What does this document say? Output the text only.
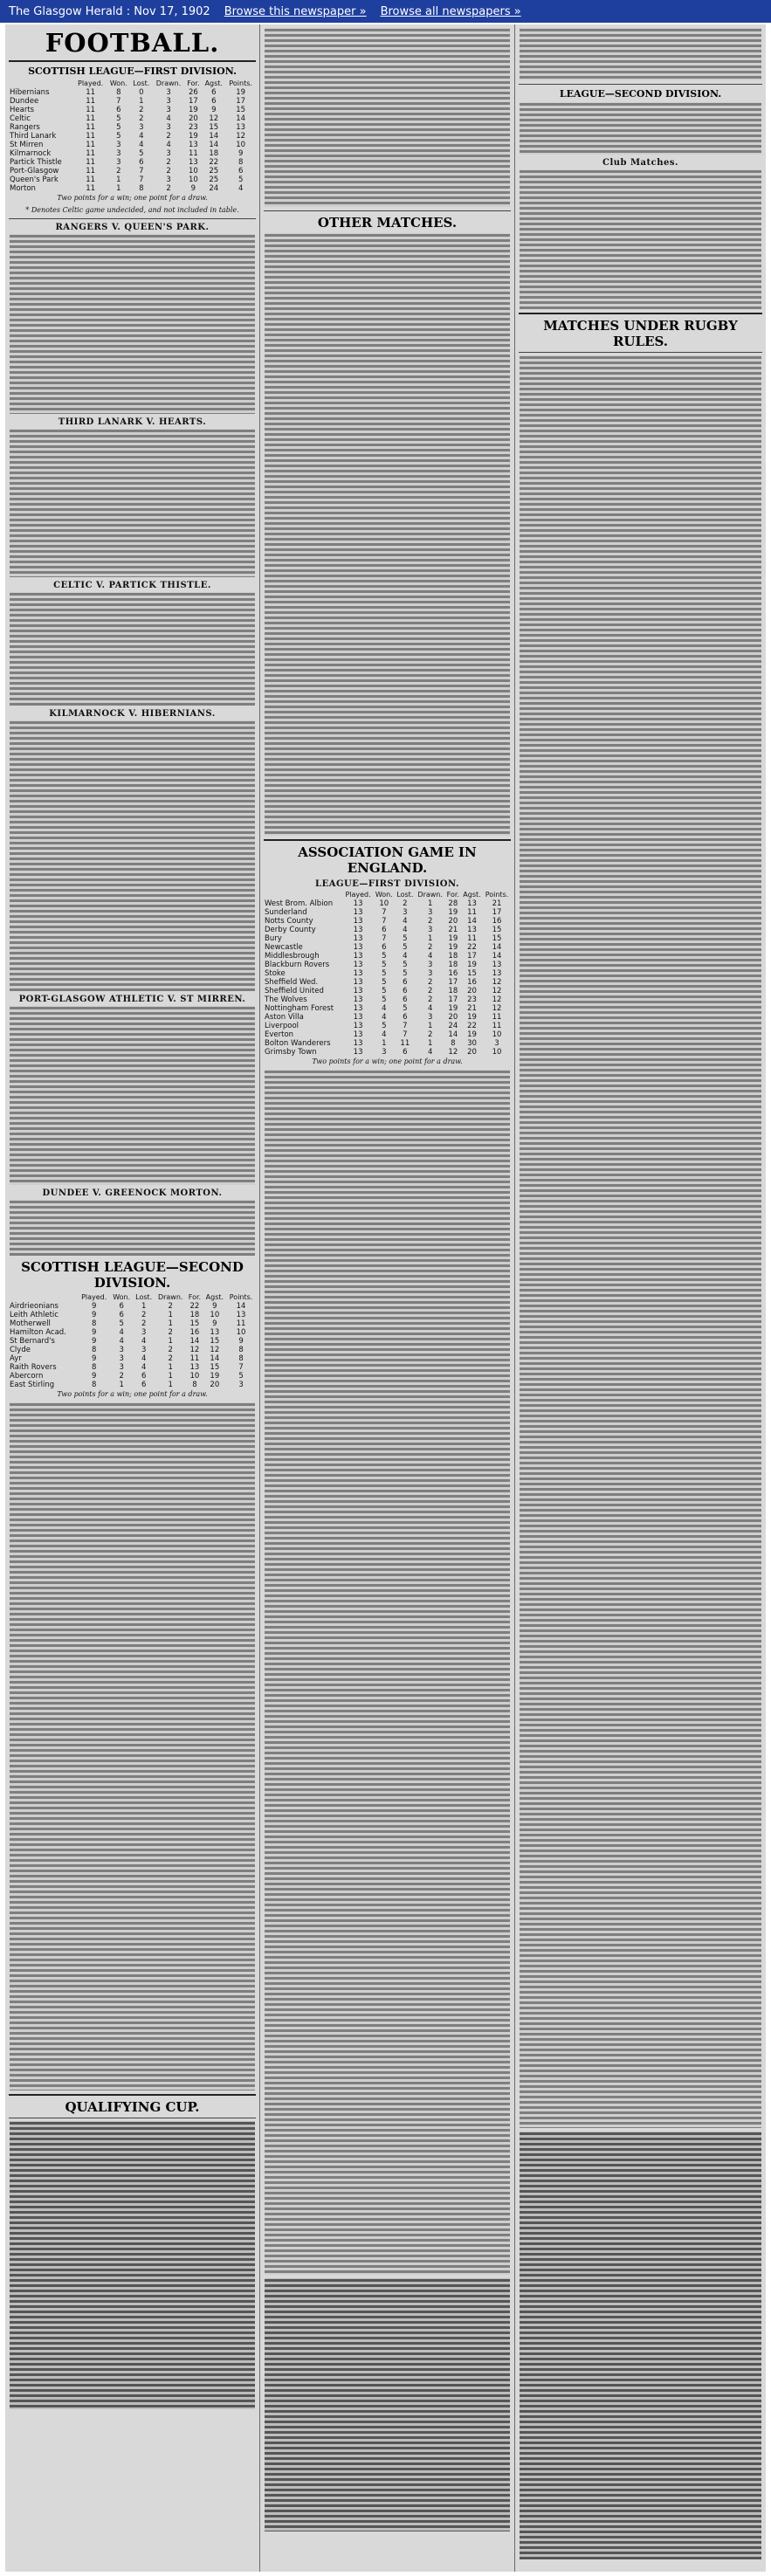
The Glasgow Herald : Nov 17, 1902 Browse this newspaper » Browse all newspapers »
FOOTBALL.
SCOTTISH LEAGUE—FIRST DIVISION.
	Played.	Won.	Lost.	Drawn.	For.	Agst.	Points.
Hibernians	11	8	0	3	26	6	19
Dundee	11	7	1	3	17	6	17
Hearts	11	6	2	3	19	9	15
Celtic	11	5	2	4	20	12	14
Rangers	11	5	3	3	23	15	13
Third Lanark	11	5	4	2	19	14	12
St Mirren	11	3	4	4	13	14	10
Kilmarnock	11	3	5	3	11	18	9
Partick Thistle	11	3	6	2	13	22	8
Port-Glasgow	11	2	7	2	10	25	6
Queen's Park	11	1	7	3	10	25	5
Morton	11	1	8	2	9	24	4
Two points for a win; one point for a draw.
* Denotes Celtic game undecided, and not included in table.
RANGERS V. QUEEN'S PARK.
THIRD LANARK V. HEARTS.
CELTIC V. PARTICK THISTLE.
KILMARNOCK V. HIBERNIANS.
PORT-GLASGOW ATHLETIC V. ST MIRREN.
DUNDEE V. GREENOCK MORTON.
SCOTTISH LEAGUE—SECOND DIVISION.
	Played.	Won.	Lost.	Drawn.	For.	Agst.	Points.
Airdrieonians	9	6	1	2	22	9	14
Leith Athletic	9	6	2	1	18	10	13
Motherwell	8	5	2	1	15	9	11
Hamilton Acad.	9	4	3	2	16	13	10
St Bernard's	9	4	4	1	14	15	9
Clyde	8	3	3	2	12	12	8
Ayr	9	3	4	2	11	14	8
Raith Rovers	8	3	4	1	13	15	7
Abercorn	9	2	6	1	10	19	5
East Stirling	8	1	6	1	8	20	3
Two points for a win; one point for a draw.
QUALIFYING CUP.
OTHER MATCHES.
ASSOCIATION GAME IN ENGLAND.
LEAGUE—FIRST DIVISION.
	Played.	Won.	Lost.	Drawn.	For.	Agst.	Points.
West Brom. Albion	13	10	2	1	28	13	21
Sunderland	13	7	3	3	19	11	17
Notts County	13	7	4	2	20	14	16
Derby County	13	6	4	3	21	13	15
Bury	13	7	5	1	19	11	15
Newcastle	13	6	5	2	19	22	14
Middlesbrough	13	5	4	4	18	17	14
Blackburn Rovers	13	5	5	3	18	19	13
Stoke	13	5	5	3	16	15	13
Sheffield Wed.	13	5	6	2	17	16	12
Sheffield United	13	5	6	2	18	20	12
The Wolves	13	5	6	2	17	23	12
Nottingham Forest	13	4	5	4	19	21	12
Aston Villa	13	4	6	3	20	19	11
Liverpool	13	5	7	1	24	22	11
Everton	13	4	7	2	14	19	10
Bolton Wanderers	13	1	11	1	8	30	3
Grimsby Town	13	3	6	4	12	20	10
Two points for a win; one point for a draw.
LEAGUE—SECOND DIVISION.
Club Matches.
MATCHES UNDER RUGBY RULES.
